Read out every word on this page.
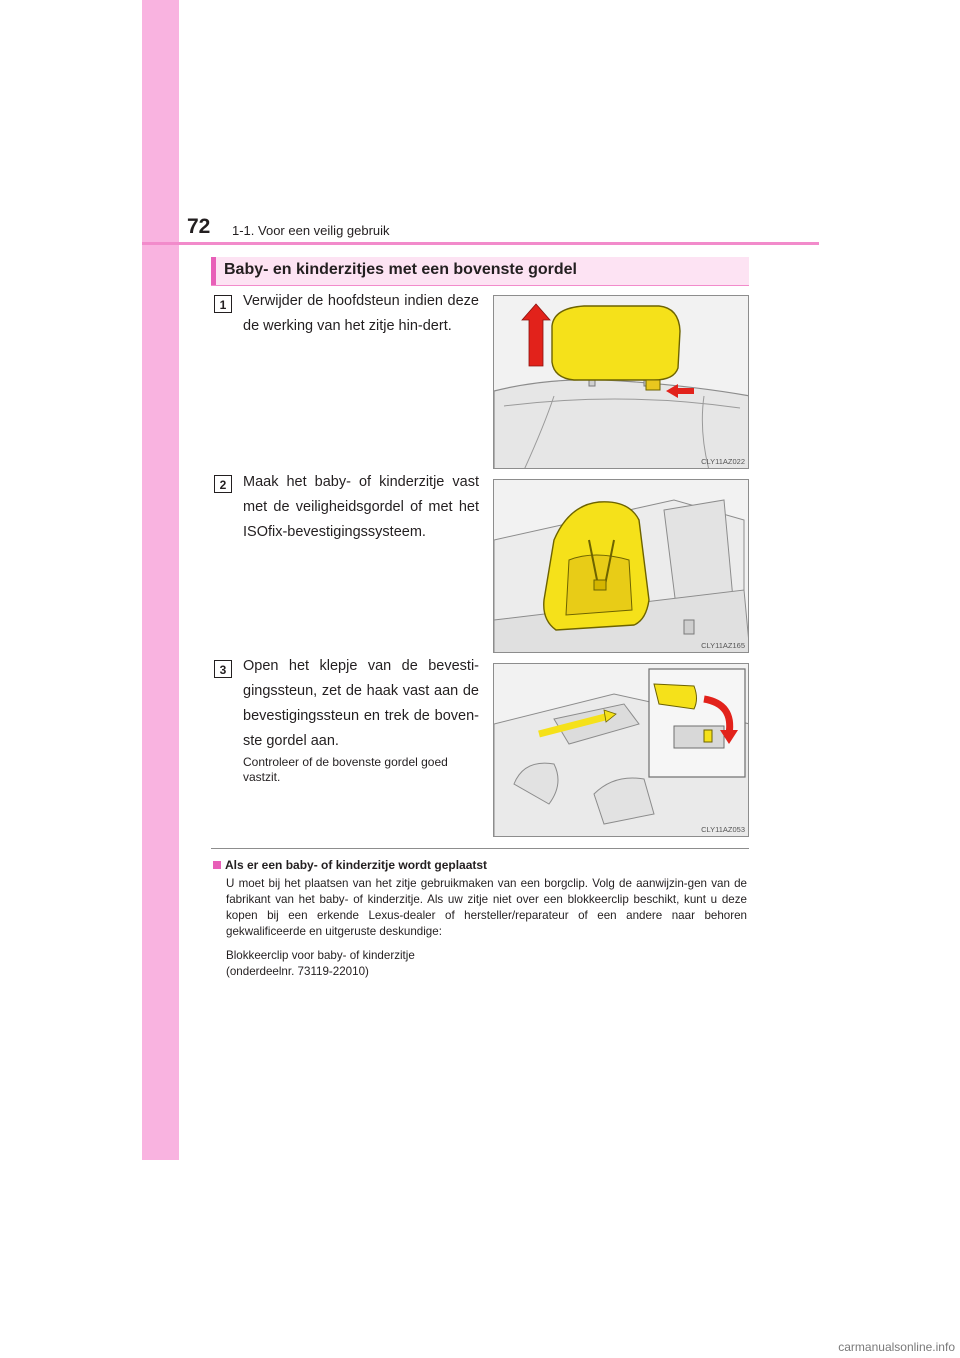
72 1-1. Voor een veilig gebruik
Baby- en kinderzitjes met een bovenste gordel
1	Verwijder de hoofdsteun indien deze de werking van het zitje hin-dert.
CLY11AZ022
2	Maak het baby- of kinderzitje vast met de veiligheidsgordel of met het ISOfix-bevestigingssysteem.
CLY11AZ165
3	Open het klepje van de bevesti-gingssteun, zet de haak vast aan de bevestigingssteun en trek de boven-ste gordel aan.
Controleer of de bovenste gordel goed vastzit.
CLY11AZ053
Als er een baby- of kinderzitje wordt geplaatst
U moet bij het plaatsen van het zitje gebruikmaken van een borgclip. Volg de aanwijzin-gen van de fabrikant van het baby- of kinderzitje. Als uw zitje niet over een blokkeerclip beschikt, kunt u deze kopen bij een erkende Lexus-dealer of hersteller/reparateur of een andere naar behoren gekwalificeerde en uitgeruste deskundige:
Blokkeerclip voor baby- of kinderzitje
(onderdeelnr. 73119-22010)
carmanualsonline.info
